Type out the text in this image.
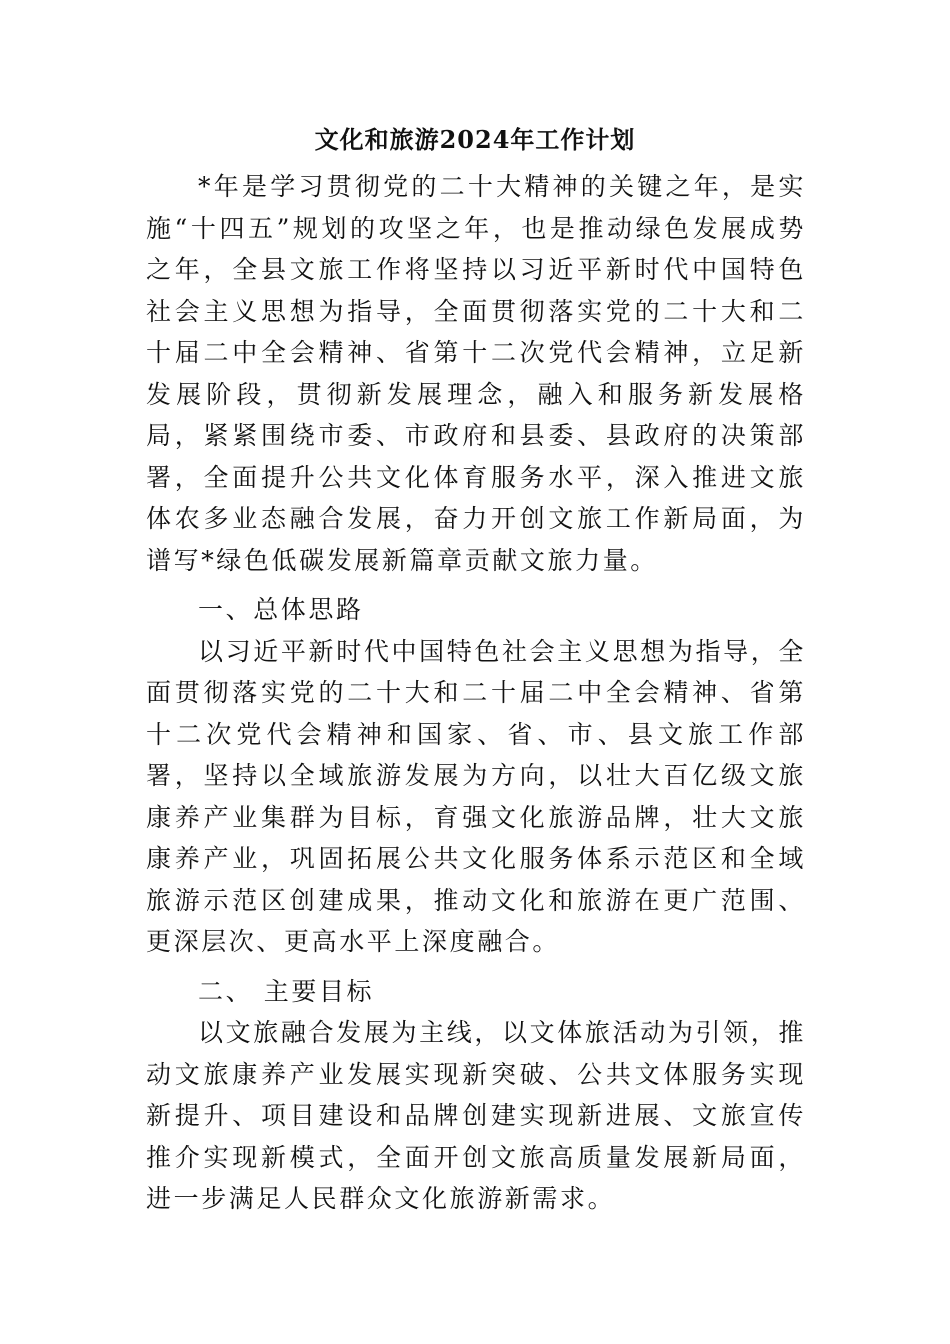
文化和旅游2024年工作计划

*年是学习贯彻党的二十大精神的关键之年，是实施“十四五”规划的攻坚之年，也是推动绿色发展成势之年，全县文旅工作将坚持以习近平新时代中国特色社会主义思想为指导，全面贯彻落实党的二十大和二十届二中全会精神、省第十二次党代会精神，立足新发展阶段，贯彻新发展理念，融入和服务新发展格局，紧紧围绕市委、市政府和县委、县政府的决策部署，全面提升公共文化体育服务水平，深入推进文旅体农多业态融合发展，奋力开创文旅工作新局面，为谱写*绿色低碳发展新篇章贡献文旅力量。

一、总体思路

以习近平新时代中国特色社会主义思想为指导，全面贯彻落实党的二十大和二十届二中全会精神、省第十二次党代会精神和国家、省、市、县文旅工作部署，坚持以全域旅游发展为方向，以壮大百亿级文旅康养产业集群为目标，育强文化旅游品牌，壮大文旅康养产业，巩固拓展公共文化服务体系示范区和全域旅游示范区创建成果，推动文化和旅游在更广范围、更深层次、更高水平上深度融合。

二、 主要目标

以文旅融合发展为主线，以文体旅活动为引领，推动文旅康养产业发展实现新突破、公共文体服务实现新提升、项目建设和品牌创建实现新进展、文旅宣传推介实现新模式，全面开创文旅高质量发展新局面，进一步满足人民群众文化旅游新需求。
